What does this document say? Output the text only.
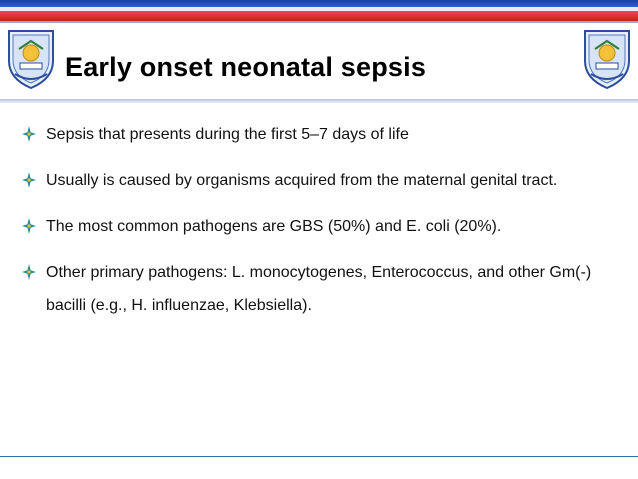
Early onset neonatal sepsis
Sepsis that presents during the first 5–7 days of life
Usually is caused by organisms acquired from the maternal genital tract.
The most common pathogens are GBS (50%) and E. coli (20%).
Other primary pathogens: L. monocytogenes, Enterococcus, and other Gm(-) bacilli (e.g., H. influenzae, Klebsiella).
